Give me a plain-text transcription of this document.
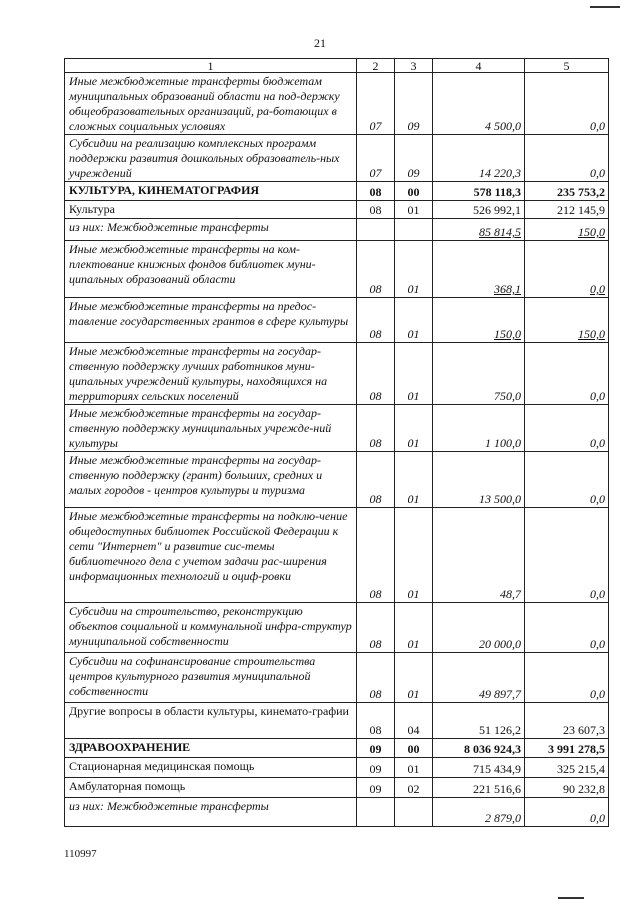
21
1	2	3	4	5
Иные межбюджетные трансферты бюджетам муниципальных образований области на под-держку общеобразовательных организаций, ра-ботающих в сложных социальных условиях	07	09	4 500,0	0,0
Субсидии на реализацию комплексных программ поддержки развития дошкольных образователь-ных учреждений	07	09	14 220,3	0,0
КУЛЬТУРА, КИНЕМАТОГРАФИЯ	08	00	578 118,3	235 753,2
Культура	08	01	526 992,1	212 145,9
из них: Межбюджетные трансферты			85 814,5	150,0
Иные межбюджетные трансферты на ком-плектование книжных фондов библиотек муни-ципальных образований области	08	01	368,1	0,0
Иные межбюджетные трансферты на предос-тавление государственных грантов в сфере культуры	08	01	150,0	150,0
Иные межбюджетные трансферты на государ-ственную поддержку лучших работников муни-ципальных учреждений культуры, находящихся на территориях сельских поселений	08	01	750,0	0,0
Иные межбюджетные трансферты на государ-ственную поддержку муниципальных учрежде-ний культуры	08	01	1 100,0	0,0
Иные межбюджетные трансферты на государ-ственную поддержку (грант) больших, средних и малых городов - центров культуры и туризма	08	01	13 500,0	0,0
Иные межбюджетные трансферты на подклю-чение общедоступных библиотек Российской Федерации к сети "Интернет" и развитие сис-темы библиотечного дела с учетом задачи рас-ширения информационных технологий и оциф-ровки	08	01	48,7	0,0
Субсидии на строительство, реконструкцию объектов социальной и коммунальной инфра-структур муниципальной собственности	08	01	20 000,0	0,0
Субсидии на софинансирование строительства центров культурного развития муниципальной собственности	08	01	49 897,7	0,0
Другие вопросы в области культуры, кинемато-графии	08	04	51 126,2	23 607,3
ЗДРАВООХРАНЕНИЕ	09	00	8 036 924,3	3 991 278,5
Стационарная медицинская помощь	09	01	715 434,9	325 215,4
Амбулаторная помощь	09	02	221 516,6	90 232,8
из них: Межбюджетные трансферты			2 879,0	0,0
110997
